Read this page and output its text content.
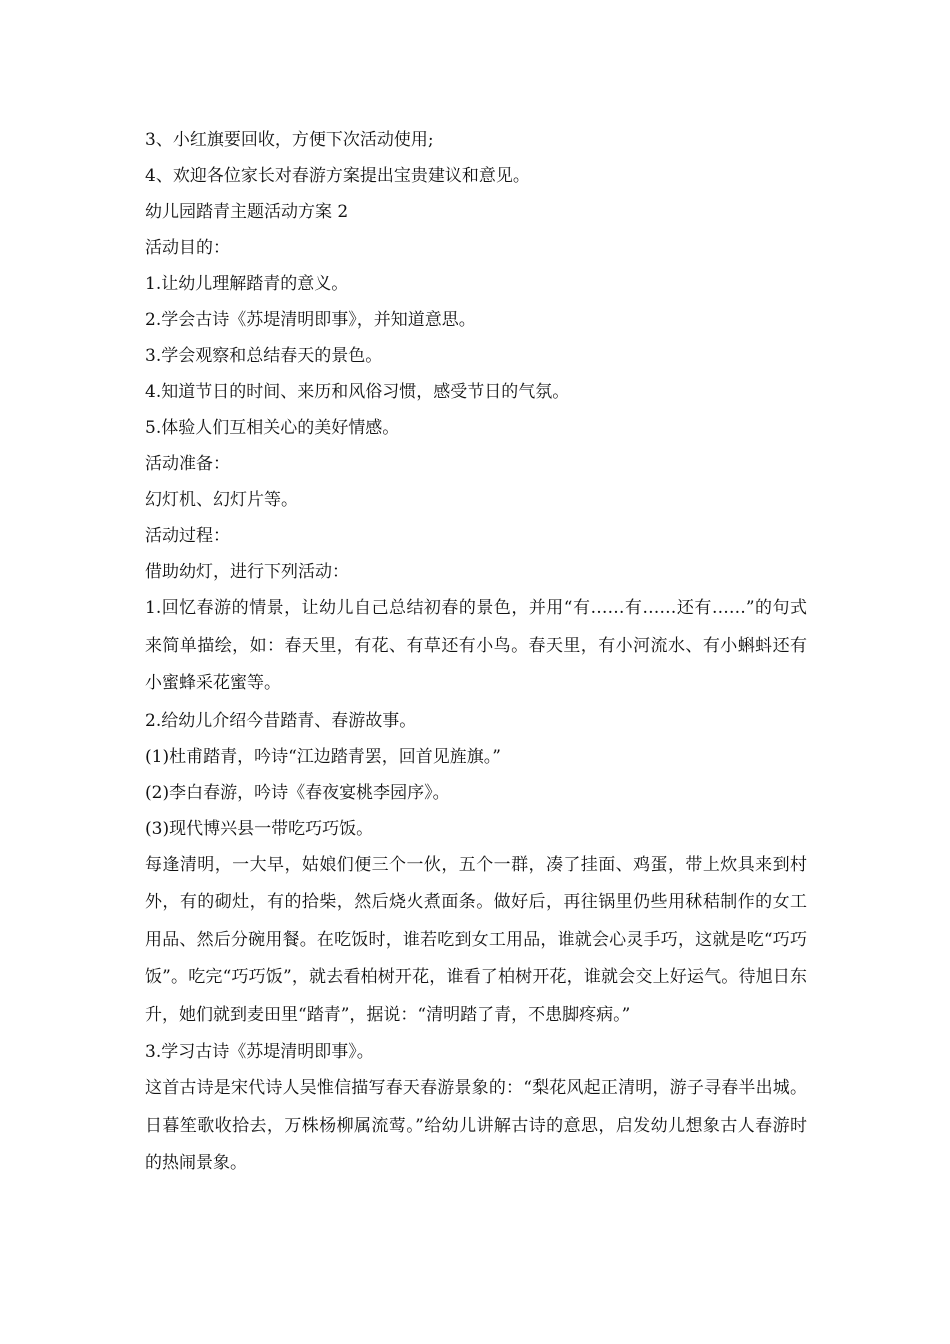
3、小红旗要回收，方便下次活动使用;

4、欢迎各位家长对春游方案提出宝贵建议和意见。

幼儿园踏青主题活动方案 2

活动目的：

1.让幼儿理解踏青的意义。

2.学会古诗《苏堤清明即事》，并知道意思。

3.学会观察和总结春天的景色。

4.知道节日的时间、来历和风俗习惯，感受节日的气氛。

5.体验人们互相关心的美好情感。

活动准备：

幻灯机、幻灯片等。

活动过程：

借助幼灯，进行下列活动：

1.回忆春游的情景，让幼儿自己总结初春的景色，并用“有……有……还有……”的句式来简单描绘，如：春天里，有花、有草还有小鸟。春天里，有小河流水、有小蝌蚪还有小蜜蜂采花蜜等。

2.给幼儿介绍今昔踏青、春游故事。

(1)杜甫踏青，吟诗“江边踏青罢，回首见旌旗。”

(2)李白春游，吟诗《春夜宴桃李园序》。

(3)现代博兴县一带吃巧巧饭。

每逢清明，一大早，姑娘们便三个一伙，五个一群，凑了挂面、鸡蛋，带上炊具来到村外，有的砌灶，有的拾柴，然后烧火煮面条。做好后，再往锅里仍些用秫秸制作的女工用品、然后分碗用餐。在吃饭时，谁若吃到女工用品，谁就会心灵手巧，这就是吃“巧巧饭”。吃完“巧巧饭”，就去看柏树开花，谁看了柏树开花，谁就会交上好运气。待旭日东升，她们就到麦田里“踏青”，据说：“清明踏了青，不患脚疼病。”

3.学习古诗《苏堤清明即事》。

这首古诗是宋代诗人吴惟信描写春天春游景象的：“梨花风起正清明，游子寻春半出城。日暮笙歌收拾去，万株杨柳属流莺。”给幼儿讲解古诗的意思，启发幼儿想象古人春游时的热闹景象。
